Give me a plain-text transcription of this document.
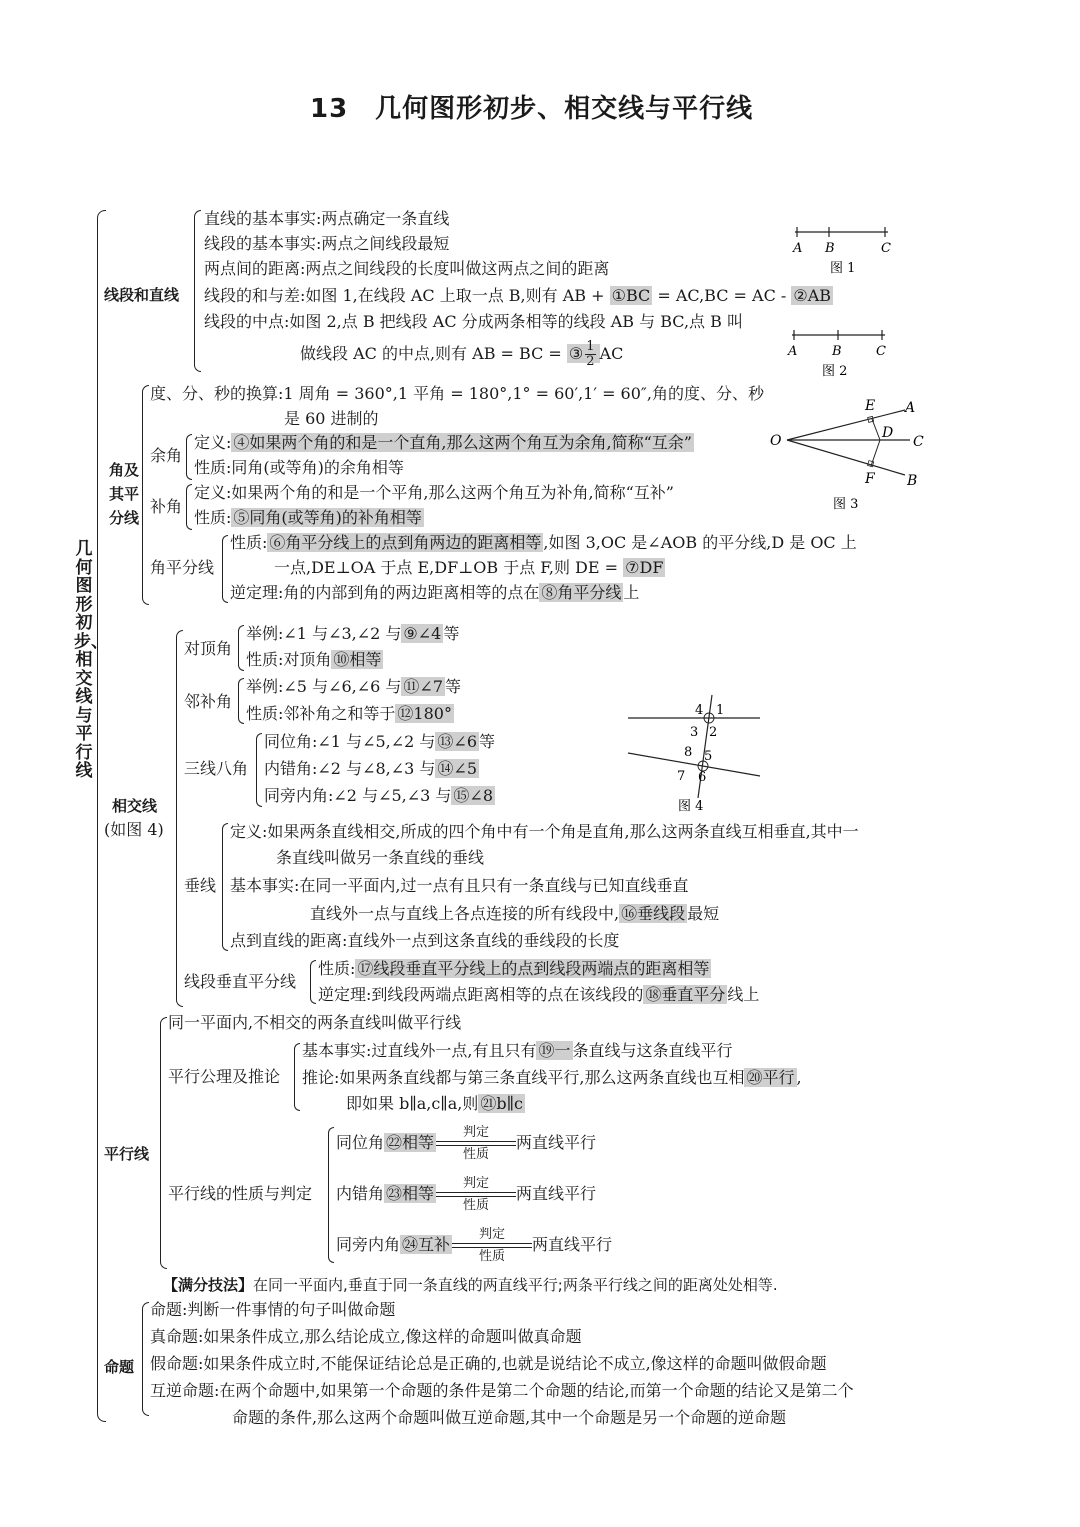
13　几何图形初步、相交线与平行线
几何图形初步、相交线与平行线
线段和直线
直线的基本事实:两点确定一条直线
线段的基本事实:两点之间线段最短
两点间的距离:两点之间线段的长度叫做这两点之间的距离
线段的和与差:如图 1,在线段 AC 上取一点 B,则有 AB + ①BC = AC,BC = AC - ②AB
线段的中点:如图 2,点 B 把线段 AC 分成两条相等的线段 AB 与 BC,点 B 叫
做线段 AC 的中点,则有 AB = BC = ③ $\frac{1}{2}$ AC
A B	C
图 1
A	B	C
图 2
角及其平分线
度、分、秒的换算:1 周角 = 360°,1 平角 = 180°,1° = 60′,1′ = 60″,角的度、分、秒
是 60 进制的
余角
定义: ④如果两个角的和是一个直角,那么这两个角互为余角,简称“互余”
性质:同角(或等角)的余角相等
补角
定义:如果两个角的和是一个平角,那么这两个角互为补角,简称“互补”
性质: ⑤同角(或等角)的补角相等
角平分线
性质: ⑥角平分线上的点到角两边的距离相等 ,如图 3,OC 是∠AOB 的平分线,D 是 OC 上
一点,DE⊥OA 于点 E,DF⊥OB 于点 F,则 DE = ⑦DF
逆定理:角的内部到角的两边距离相等的点在 ⑧角平分线 上
O
E A
D
C
F B
图 3
相交线
(如图 4)
对顶角
举例:∠1 与∠3,∠2 与 ⑨∠4 等
性质:对顶角 ⑩相等
邻补角
举例:∠5 与∠6,∠6 与 ⑪∠7 等
性质:邻补角之和等于 ⑫180°
三线八角
同位角:∠1 与∠5,∠2 与 ⑬∠6 等
内错角:∠2 与∠8,∠3 与 ⑭∠5
同旁内角:∠2 与∠5,∠3 与 ⑮∠8
4 1
3 2
8 5
7 6
图 4
垂线
定义:如果两条直线相交,所成的四个角中有一个角是直角,那么这两条直线互相垂直,其中一
条直线叫做另一条直线的垂线
基本事实:在同一平面内,过一点有且只有一条直线与已知直线垂直
直线外一点与直线上各点连接的所有线段中, ⑯垂线段 最短
点到直线的距离:直线外一点到这条直线的垂线段的长度
线段垂直平分线
性质: ⑰线段垂直平分线上的点到线段两端点的距离相等
逆定理:到线段两端点距离相等的点在该线段的 ⑱垂直平分 线上
平行线
同一平面内,不相交的两条直线叫做平行线
平行公理及推论
基本事实:过直线外一点,有且只有 ⑲一 条直线与这条直线平行
推论:如果两条直线都与第三条直线平行,那么这两条直线也互相 ⑳平行 ,
即如果 b∥a,c∥a,则 ㉑b∥c
平行线的性质与判定
同位角 ㉒相等
判定
性质
两直线平行
内错角 ㉓相等
判定
性质
两直线平行
同旁内角 ㉔互补
判定
性质
两直线平行
【满分技法】在同一平面内,垂直于同一条直线的两直线平行;两条平行线之间的距离处处相等.
命题
命题:判断一件事情的句子叫做命题
真命题:如果条件成立,那么结论成立,像这样的命题叫做真命题
假命题:如果条件成立时,不能保证结论总是正确的,也就是说结论不成立,像这样的命题叫做假命题
互逆命题:在两个命题中,如果第一个命题的条件是第二个命题的结论,而第一个命题的结论又是第二个
命题的条件,那么这两个命题叫做互逆命题,其中一个命题是另一个命题的逆命题
